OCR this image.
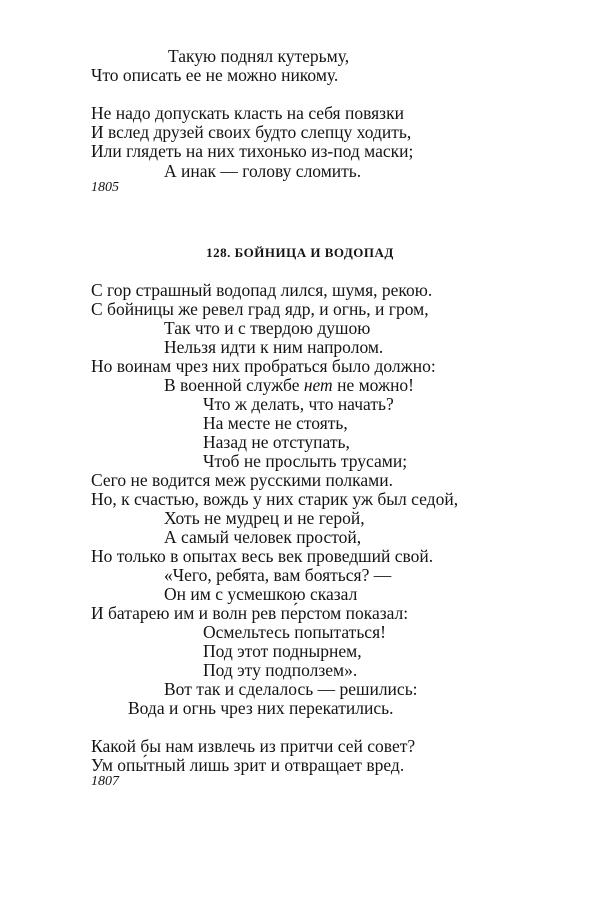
Такую поднял кутерьму,
Что описать ее не можно никому.
Не надо допускать класть на себя повязки
И вслед друзей своих будто слепцу ходить,
Или глядеть на них тихонько из-под маски;
А инак — голову сломить.
1805
128. БОЙНИЦА И ВОДОПАД
С гор страшный водопад лился, шумя, рекою.
С бойницы же ревел град ядр, и огнь, и гром,
Так что и с твердою душою
Нельзя идти к ним напролом.
Но воинам чрез них пробраться было должно:
В военной службе нет не можно!
Что ж делать, что начать?
На месте не стоять,
Назад не отступать,
Чтоб не прослыть трусами;
Сего не водится меж русскими полками.
Но, к счастью, вождь у них старик уж был седой,
Хоть не мудрец и не герой,
А самый человек простой,
Но только в опытах весь век проведший свой.
«Чего, ребята, вам бояться? —
Он им с усмешкою сказал
И батарею им и волн рев пе́рстом показал:
Осмельтесь попытаться!
Под этот поднырнем,
Под эту подползем».
Вот так и сделалось — решились:
Вода и огнь чрез них перекатились.
Какой бы нам извлечь из притчи сей совет?
Ум опы́тный лишь зрит и отвращает вред.
1807
